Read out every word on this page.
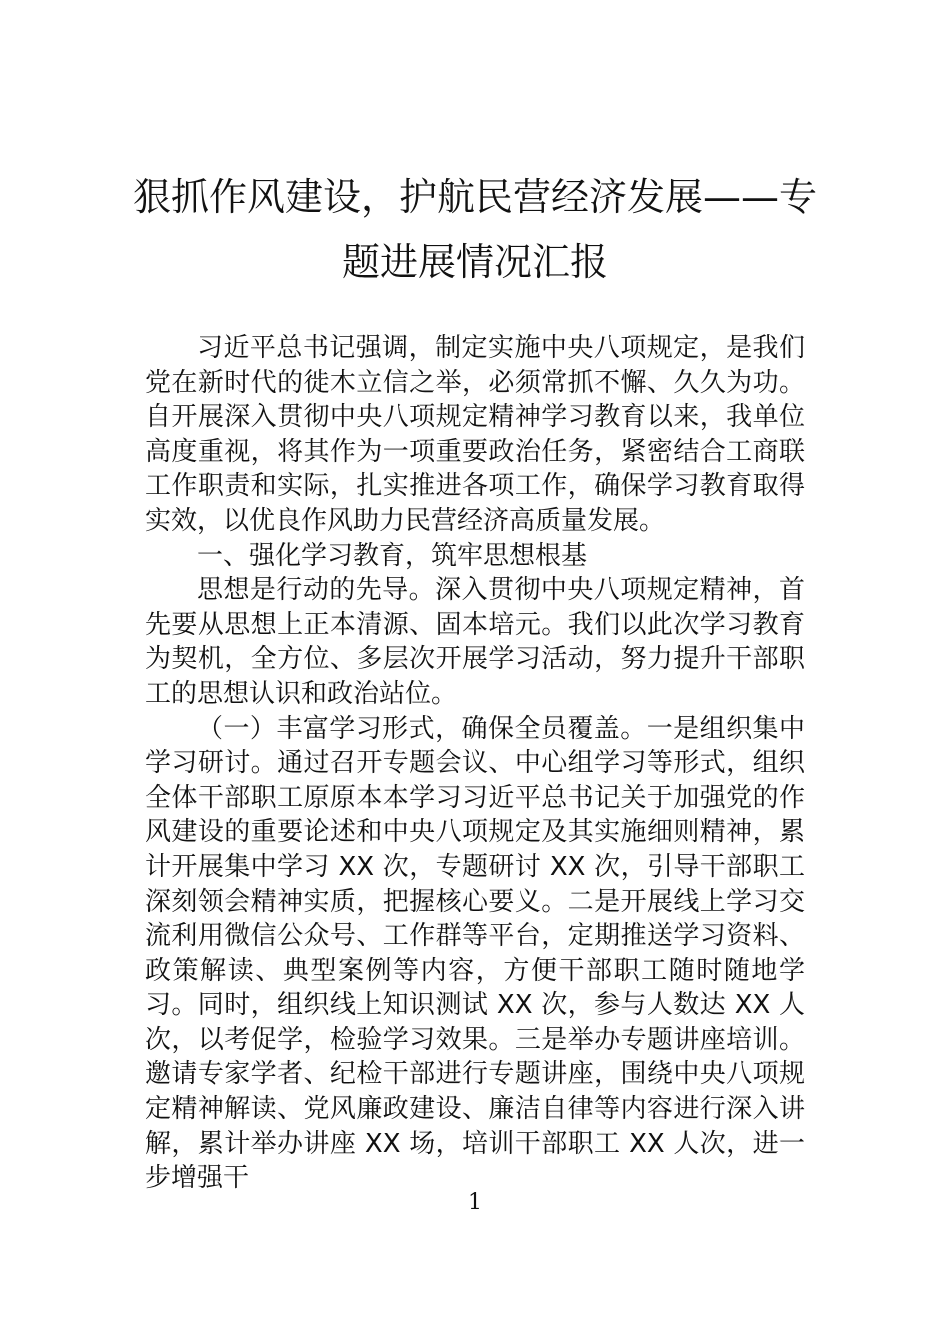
狠抓作风建设，护航民营经济发展——专题进展情况汇报

习近平总书记强调，制定实施中央八项规定，是我们党在新时代的徙木立信之举，必须常抓不懈、久久为功。自开展深入贯彻中央八项规定精神学习教育以来，我单位高度重视，将其作为一项重要政治任务，紧密结合工商联工作职责和实际，扎实推进各项工作，确保学习教育取得实效，以优良作风助力民营经济高质量发展。

一、强化学习教育，筑牢思想根基

思想是行动的先导。深入贯彻中央八项规定精神，首先要从思想上正本清源、固本培元。我们以此次学习教育为契机，全方位、多层次开展学习活动，努力提升干部职工的思想认识和政治站位。

（一）丰富学习形式，确保全员覆盖。一是组织集中学习研讨。通过召开专题会议、中心组学习等形式，组织全体干部职工原原本本学习习近平总书记关于加强党的作风建设的重要论述和中央八项规定及其实施细则精神，累计开展集中学习 XX 次，专题研讨 XX 次，引导干部职工深刻领会精神实质，把握核心要义。二是开展线上学习交流利用微信公众号、工作群等平台，定期推送学习资料、政策解读、典型案例等内容，方便干部职工随时随地学习。同时，组织线上知识测试 XX 次，参与人数达 XX 人次，以考促学，检验学习效果。三是举办专题讲座培训。邀请专家学者、纪检干部进行专题讲座，围绕中央八项规定精神解读、党风廉政建设、廉洁自律等内容进行深入讲解，累计举办讲座 XX 场，培训干部职工 XX 人次，进一步增强干

1
